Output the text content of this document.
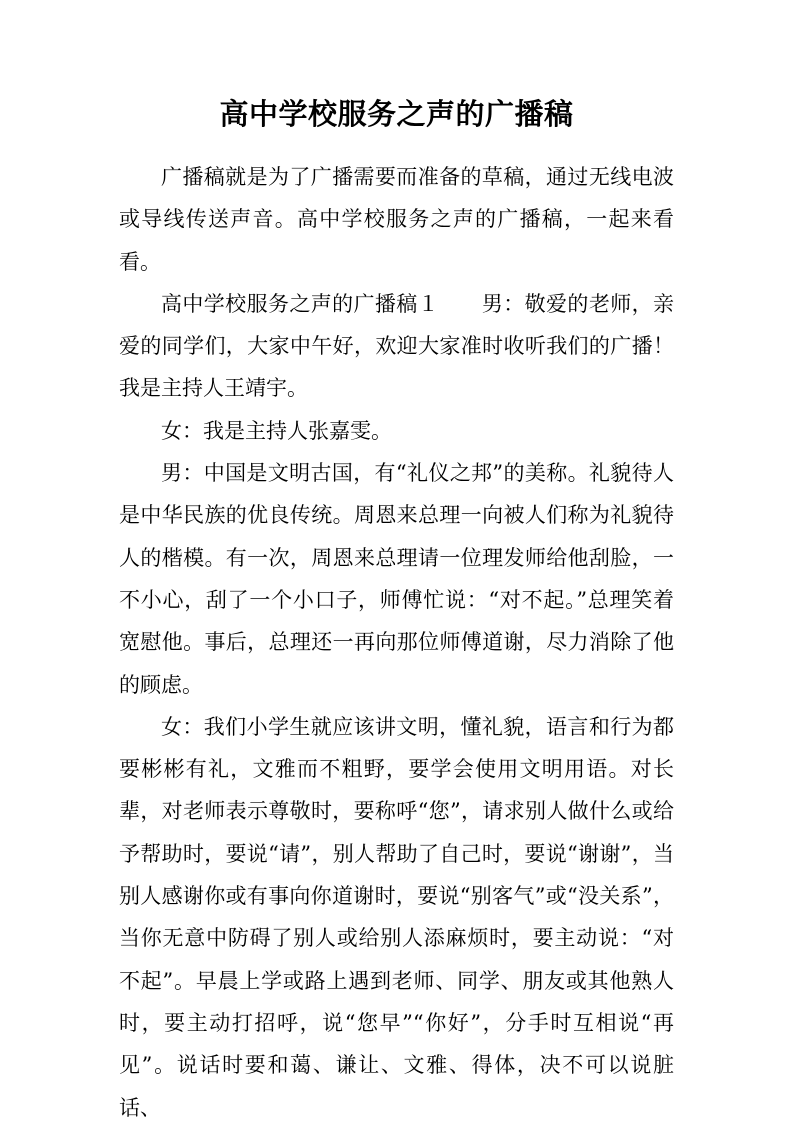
高中学校服务之声的广播稿

广播稿就是为了广播需要而准备的草稿，通过无线电波或导线传送声音。高中学校服务之声的广播稿，一起来看看。

高中学校服务之声的广播稿１　　男：敬爱的老师，亲爱的同学们，大家中午好，欢迎大家准时收听我们的广播！我是主持人王靖宇。

女：我是主持人张嘉雯。

男：中国是文明古国，有“礼仪之邦”的美称。礼貌待人是中华民族的优良传统。周恩来总理一向被人们称为礼貌待人的楷模。有一次，周恩来总理请一位理发师给他刮脸，一不小心，刮了一个小口子，师傅忙说：“对不起。”总理笑着宽慰他。事后，总理还一再向那位师傅道谢，尽力消除了他的顾虑。

女：我们小学生就应该讲文明，懂礼貌，语言和行为都要彬彬有礼，文雅而不粗野，要学会使用文明用语。对长辈，对老师表示尊敬时，要称呼“您”，请求别人做什么或给予帮助时，要说“请”，别人帮助了自己时，要说“谢谢”，当别人感谢你或有事向你道谢时，要说“别客气”或“没关系”，当你无意中防碍了别人或给别人添麻烦时，要主动说：“对不起”。早晨上学或路上遇到老师、同学、朋友或其他熟人时，要主动打招呼，说“您早”“你好”，分手时互相说“再见”。说话时要和蔼、谦让、文雅、得体，决不可以说脏话、
